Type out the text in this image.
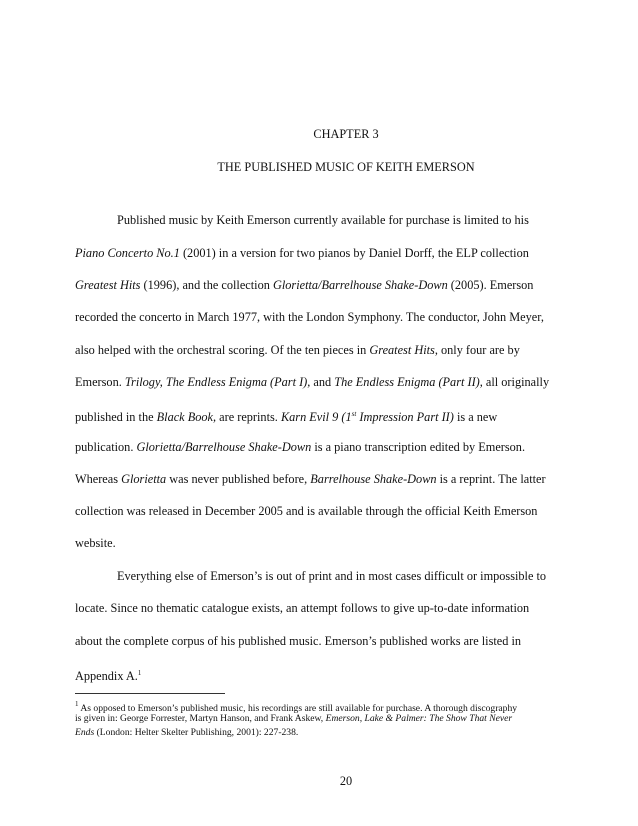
CHAPTER 3
THE PUBLISHED MUSIC OF KEITH EMERSON
Published music by Keith Emerson currently available for purchase is limited to his
Piano Concerto No.1 (2001) in a version for two pianos by Daniel Dorff, the ELP collection
Greatest Hits (1996), and the collection Glorietta/Barrelhouse Shake-Down (2005). Emerson
recorded the concerto in March 1977, with the London Symphony. The conductor, John Meyer,
also helped with the orchestral scoring. Of the ten pieces in Greatest Hits, only four are by
Emerson. Trilogy, The Endless Enigma (Part I), and The Endless Enigma (Part II), all originally
published in the Black Book, are reprints. Karn Evil 9 (1st Impression Part II) is a new
publication. Glorietta/Barrelhouse Shake-Down is a piano transcription edited by Emerson.
Whereas Glorietta was never published before, Barrelhouse Shake-Down is a reprint. The latter
collection was released in December 2005 and is available through the official Keith Emerson
website.
Everything else of Emerson’s is out of print and in most cases difficult or impossible to
locate. Since no thematic catalogue exists, an attempt follows to give up-to-date information
about the complete corpus of his published music. Emerson’s published works are listed in
Appendix A.$^1$
$^1$ As opposed to Emerson’s published music, his recordings are still available for purchase. A thorough discography
is given in: George Forrester, Martyn Hanson, and Frank Askew, Emerson, Lake & Palmer: The Show That Never
Ends (London: Helter Skelter Publishing, 2001): 227-238.
20
